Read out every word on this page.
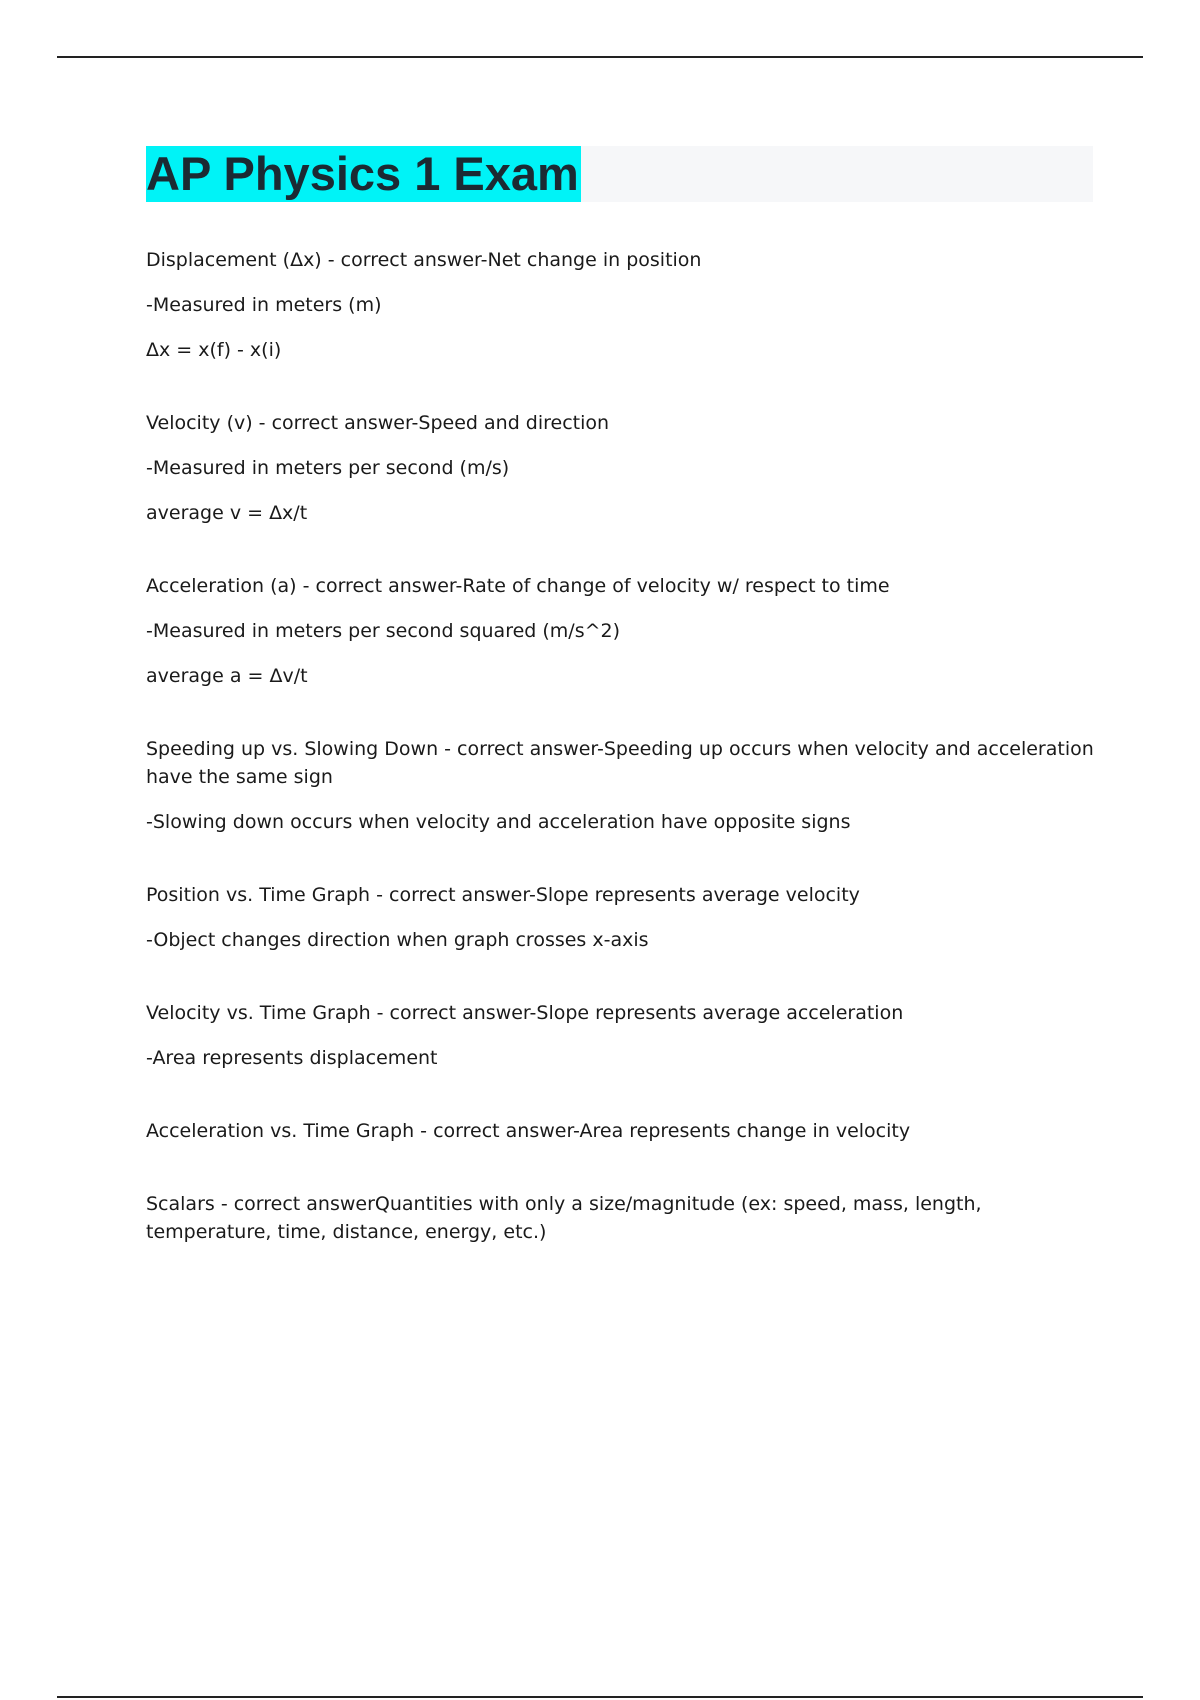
AP Physics 1 Exam
Displacement (Δx) - correct answer-Net change in position
-Measured in meters (m)
Δx = x(f) - x(i)
Velocity (v) - correct answer-Speed and direction
-Measured in meters per second (m/s)
average v = Δx/t
Acceleration (a) - correct answer-Rate of change of velocity w/ respect to time
-Measured in meters per second squared (m/s^2)
average a = Δv/t
Speeding up vs. Slowing Down - correct answer-Speeding up occurs when velocity and acceleration have the same sign
-Slowing down occurs when velocity and acceleration have opposite signs
Position vs. Time Graph - correct answer-Slope represents average velocity
-Object changes direction when graph crosses x-axis
Velocity vs. Time Graph - correct answer-Slope represents average acceleration
-Area represents displacement
Acceleration vs. Time Graph - correct answer-Area represents change in velocity
Scalars - correct answerQuantities with only a size/magnitude (ex: speed, mass, length, temperature, time, distance, energy, etc.)
